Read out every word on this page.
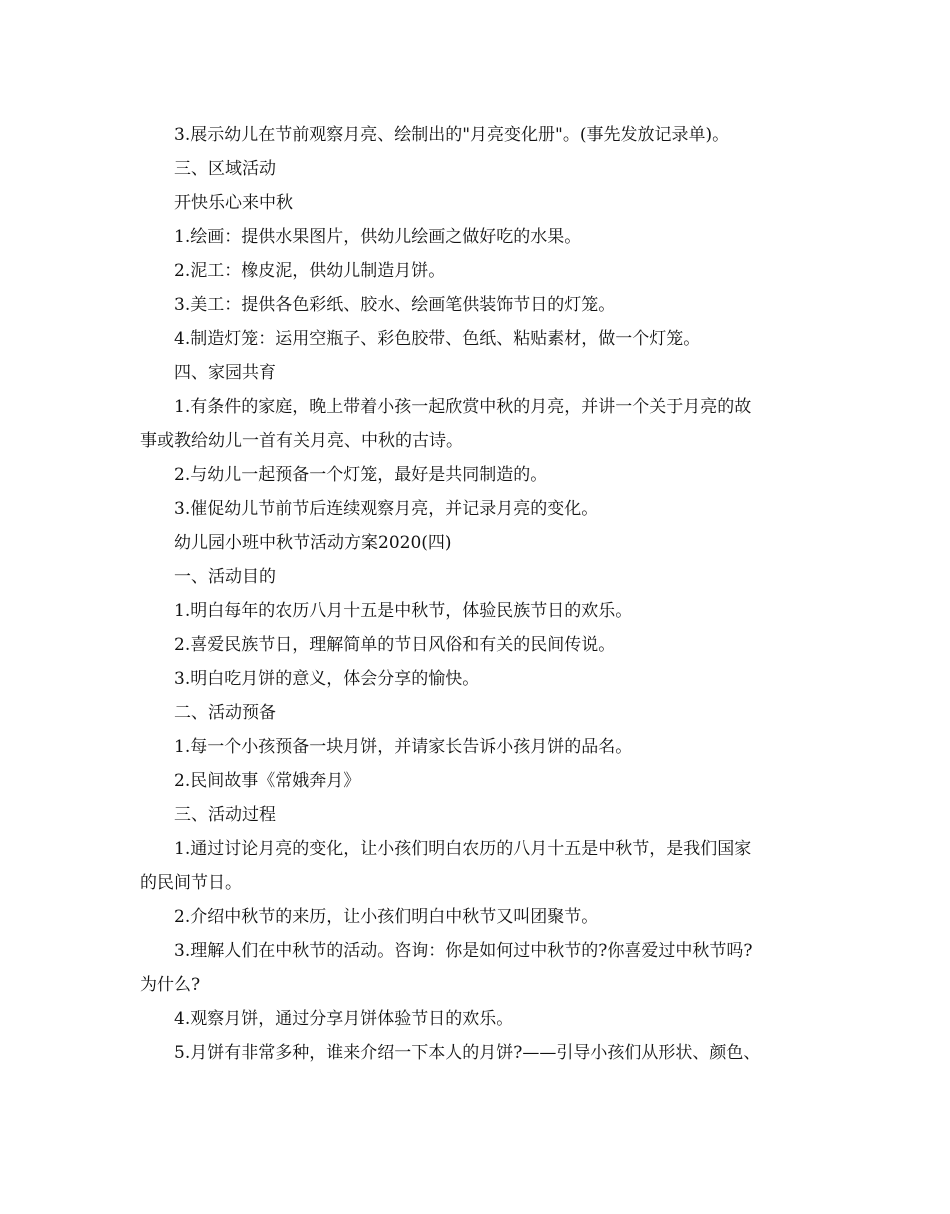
3.展示幼儿在节前观察月亮、绘制出的"月亮变化册"。(事先发放记录单)。
三、区域活动
开快乐心来中秋
1.绘画：提供水果图片，供幼儿绘画之做好吃的水果。
2.泥工：橡皮泥，供幼儿制造月饼。
3.美工：提供各色彩纸、胶水、绘画笔供装饰节日的灯笼。
4.制造灯笼：运用空瓶子、彩色胶带、色纸、粘贴素材，做一个灯笼。
四、家园共育
1.有条件的家庭，晚上带着小孩一起欣赏中秋的月亮，并讲一个关于月亮的故
事或教给幼儿一首有关月亮、中秋的古诗。
2.与幼儿一起预备一个灯笼，最好是共同制造的。
3.催促幼儿节前节后连续观察月亮，并记录月亮的变化。
幼儿园小班中秋节活动方案2020(四)
一、活动目的
1.明白每年的农历八月十五是中秋节，体验民族节日的欢乐。
2.喜爱民族节日，理解简单的节日风俗和有关的民间传说。
3.明白吃月饼的意义，体会分享的愉快。
二、活动预备
1.每一个小孩预备一块月饼，并请家长告诉小孩月饼的品名。
2.民间故事《常娥奔月》
三、活动过程
1.通过讨论月亮的变化，让小孩们明白农历的八月十五是中秋节，是我们国家
的民间节日。
2.介绍中秋节的来历，让小孩们明白中秋节又叫团聚节。
3.理解人们在中秋节的活动。咨询：你是如何过中秋节的?你喜爱过中秋节吗?
为什么?
4.观察月饼，通过分享月饼体验节日的欢乐。
5.月饼有非常多种，谁来介绍一下本人的月饼?——引导小孩们从形状、颜色、
